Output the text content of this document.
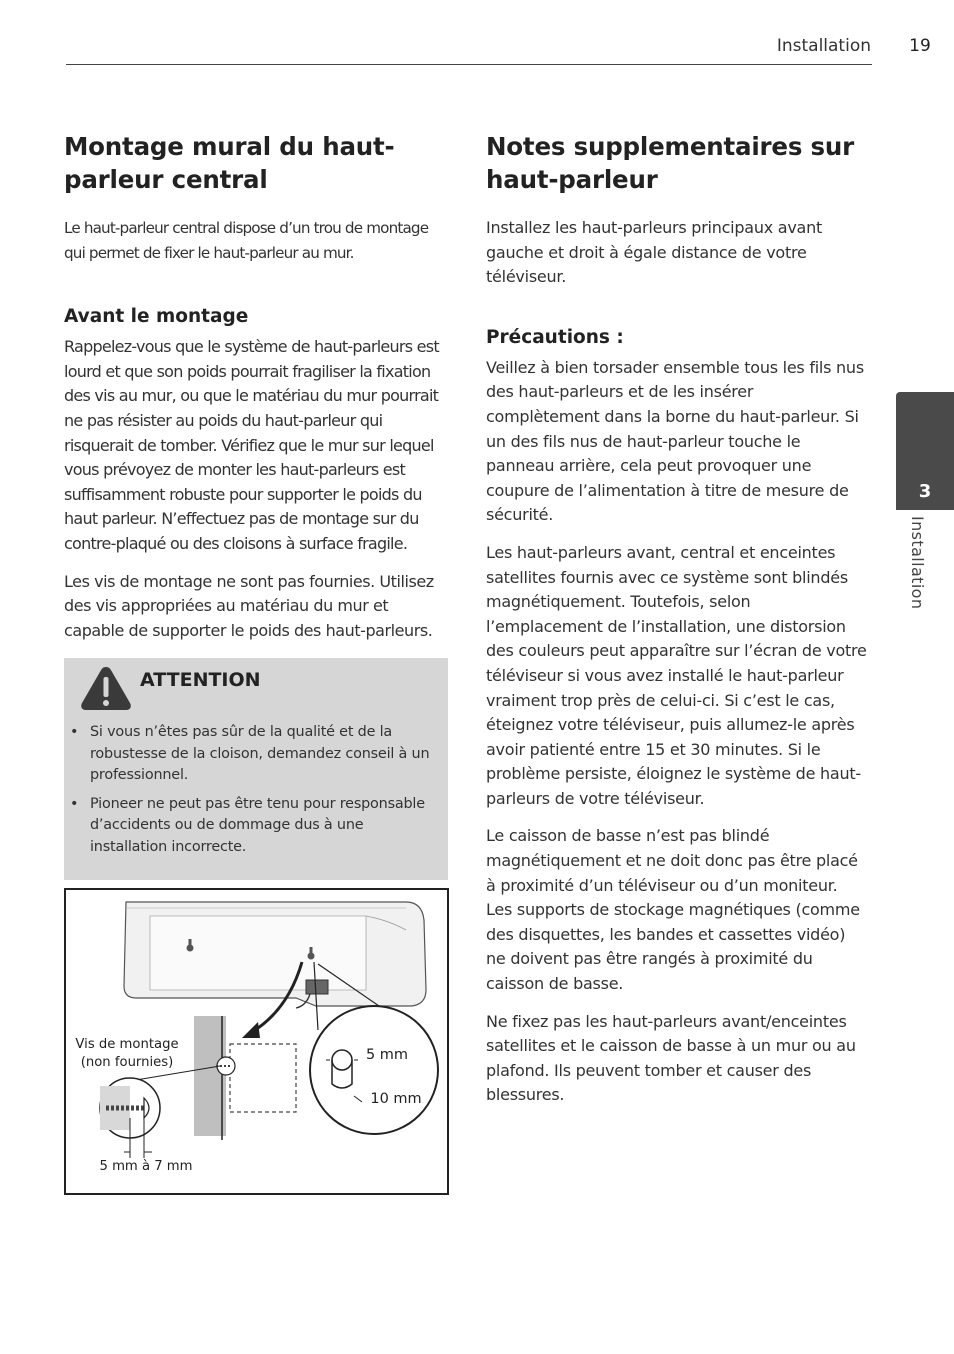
Installation	19
Montage mural du haut-parleur central

Le haut-parleur central dispose d’un trou de montage qui permet de fixer le haut-parleur au mur.

Avant le montage

Rappelez-vous que le système de haut-parleurs est lourd et que son poids pourrait fragiliser la fixation des vis au mur, ou que le matériau du mur pourrait ne pas résister au poids du haut-parleur qui risquerait de tomber. Vérifiez que le mur sur lequel vous prévoyez de monter les haut-parleurs est suffisamment robuste pour supporter le poids du haut parleur. N’effectuez pas de montage sur du contre-plaqué ou des cloisons à surface fragile.

Les vis de montage ne sont pas fournies. Utilisez des vis appropriées au matériau du mur et capable de supporter le poids des haut-parleurs.

ATTENTION
• Si vous n’êtes pas sûr de la qualité et de la robustesse de la cloison, demandez conseil à un professionnel.
• Pioneer ne peut pas être tenu pour responsable d’accidents ou de dommage dus à une installation incorrecte.
Vis de montage
(non fournies)
5 mm à 7 mm
5 mm
10 mm
Notes supplementaires sur haut-parleur

Installez les haut-parleurs principaux avant gauche et droit à égale distance de votre téléviseur.

Précautions :

Veillez à bien torsader ensemble tous les fils nus des haut-parleurs et de les insérer complètement dans la borne du haut-parleur. Si un des fils nus de haut-parleur touche le panneau arrière, cela peut provoquer une coupure de l’alimentation à titre de mesure de sécurité.

Les haut-parleurs avant, central et enceintes satellites fournis avec ce système sont blindés magnétiquement. Toutefois, selon l’emplacement de l’installation, une distorsion des couleurs peut apparaître sur l’écran de votre téléviseur si vous avez installé le haut-parleur vraiment trop près de celui-ci. Si c’est le cas, éteignez votre téléviseur, puis allumez-le après avoir patienté entre 15 et 30 minutes. Si le problème persiste, éloignez le système de haut-parleurs de votre téléviseur.

Le caisson de basse n’est pas blindé magnétiquement et ne doit donc pas être placé à proximité d’un téléviseur ou d’un moniteur. Les supports de stockage magnétiques (comme des disquettes, les bandes et cassettes vidéo) ne doivent pas être rangés à proximité du caisson de basse.

Ne fixez pas les haut-parleurs avant/enceintes satellites et le caisson de basse à un mur ou au plafond. Ils peuvent tomber et causer des blessures.

3
Installation
